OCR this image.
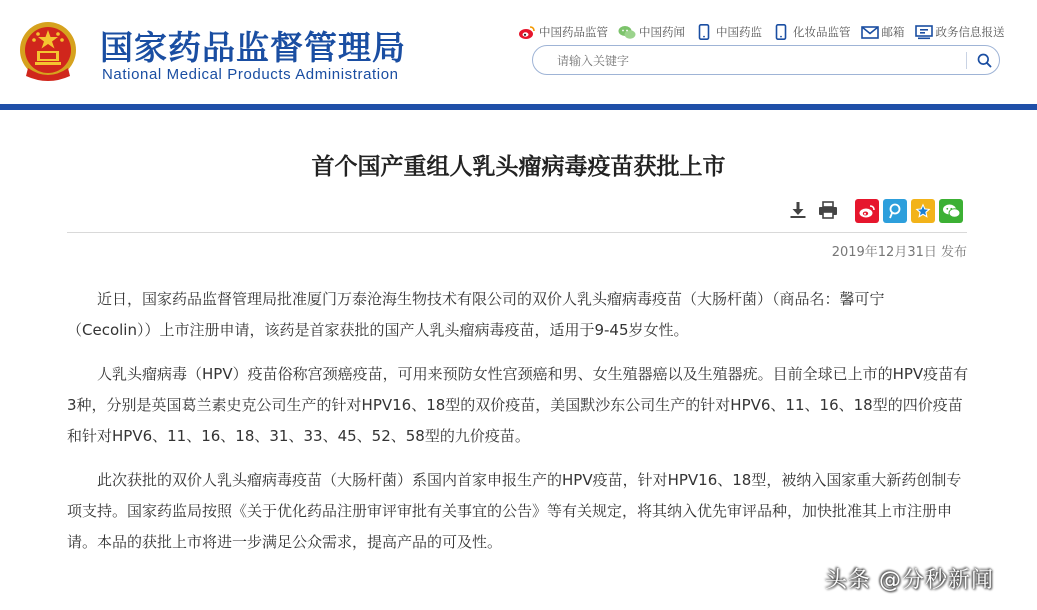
国家药品监督管理局
National Medical Products Administration
中国药品监管	中国药闻	中国药监	化妆品监管	邮箱	政务信息报送
请输入关键字
首个国产重组人乳头瘤病毒疫苗获批上市
2019年12月31日 发布

近日，国家药品监督管理局批准厦门万泰沧海生物技术有限公司的双价人乳头瘤病毒疫苗（大肠杆菌）（商品名：馨可宁（Cecolin））上市注册申请，该药是首家获批的国产人乳头瘤病毒疫苗，适用于9-45岁女性。

人乳头瘤病毒（HPV）疫苗俗称宫颈癌疫苗，可用来预防女性宫颈癌和男、女生殖器癌以及生殖器疣。目前全球已上市的HPV疫苗有3种，分别是英国葛兰素史克公司生产的针对HPV16、18型的双价疫苗，美国默沙东公司生产的针对HPV6、11、16、18型的四价疫苗和针对HPV6、11、16、18、31、33、45、52、58型的九价疫苗。

此次获批的双价人乳头瘤病毒疫苗（大肠杆菌）系国内首家申报生产的HPV疫苗，针对HPV16、18型，被纳入国家重大新药创制专项支持。国家药监局按照《关于优化药品注册审评审批有关事宜的公告》等有关规定，将其纳入优先审评品种，加快批准其上市注册申请。本品的获批上市将进一步满足公众需求，提高产品的可及性。

头条 @分秒新闻
